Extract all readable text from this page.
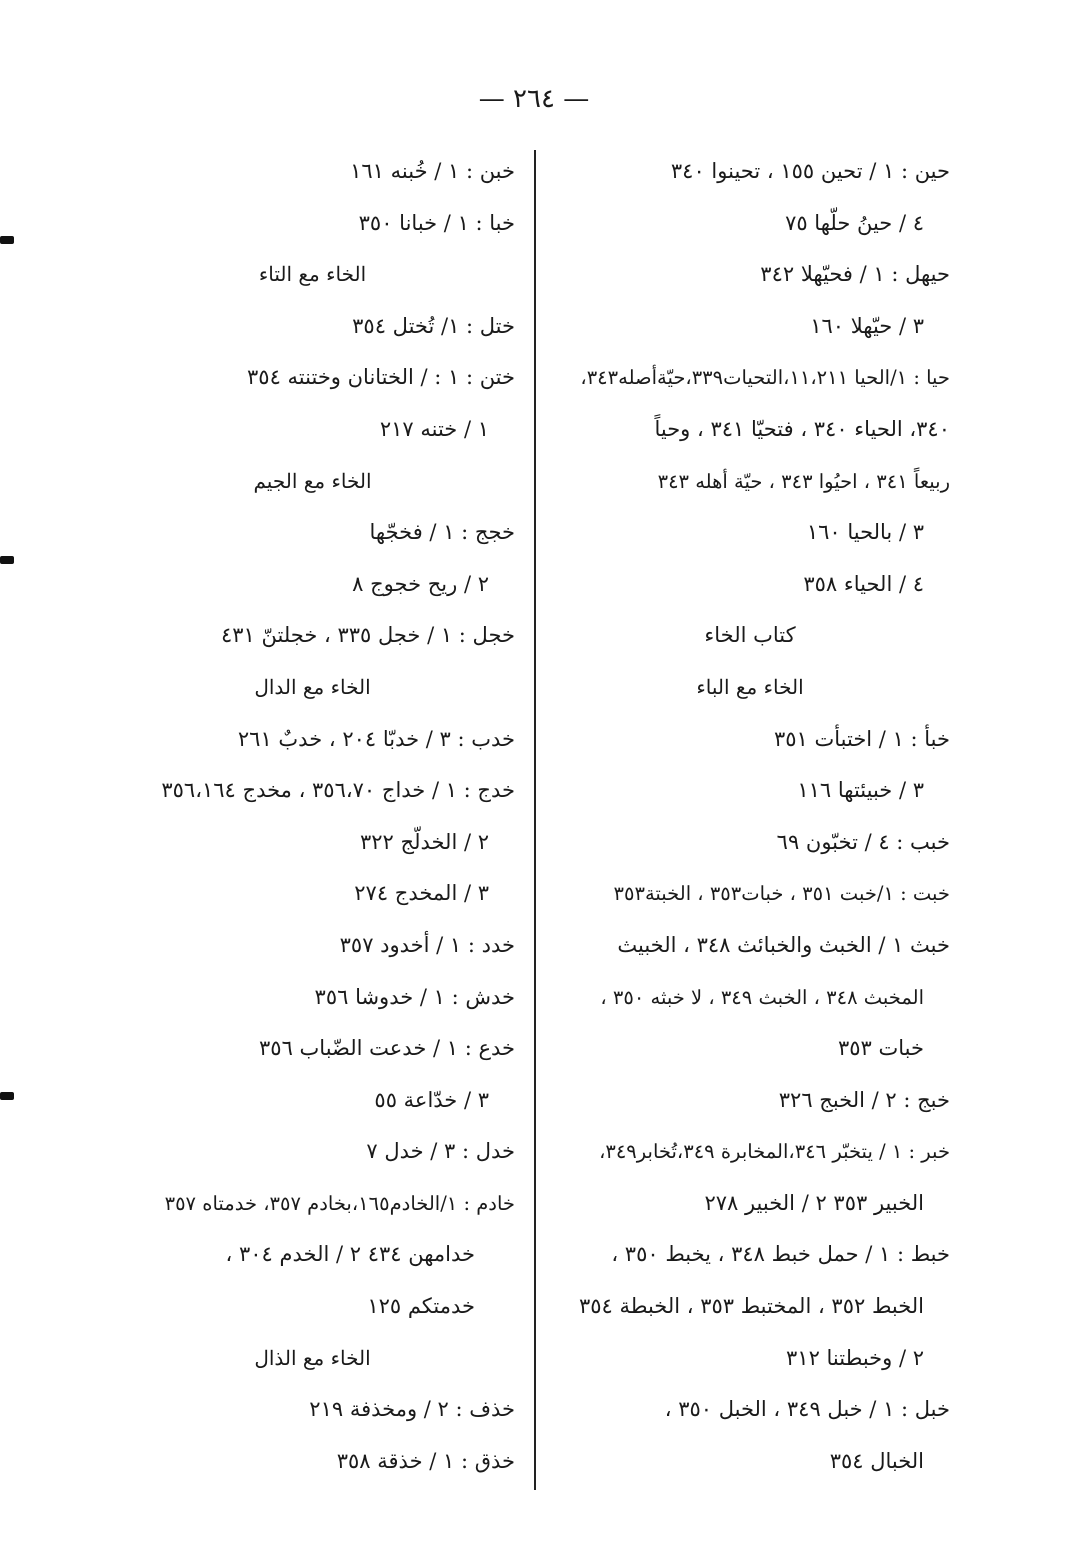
— ٢٦٤ —
حين : ١ / تحين ١٥٥ ، تحينوا ٣٤٠
٤ / حينُ حلّها ٧٥
حيهل : ١ / فحيّهلا ٣٤٢
٣ / حيّهلا ١٦٠
حيا : ١/الحيا ١١،٢١١،التحيات٣٣٩،حيّةأصله٣٤٣،
٣٤٠، الحياء ٣٤٠ ، فتحيّا ٣٤١ ، وحياً
ربيعاً ٣٤١ ، احيُوا ٣٤٣ ، حيّة أهله ٣٤٣
٣ / بالحيا ١٦٠
٤ / الحياء ٣٥٨
كتاب الخاء
الخاء مع الباء
خبأ : ١ / اختبأت ٣٥١
٣ / خبيئتها ١١٦
خبب : ٤ / تخبّون ٦٩
خبت : ١/خبت ٣٥١ ، خبات٣٥٣ ، الخبتة٣٥٣
خبث ١ / الخبث والخبائث ٣٤٨ ، الخبيث
المخبث ٣٤٨ ، الخبث ٣٤٩ ، لا خبثه ٣٥٠ ،
خبات ٣٥٣
خبج : ٢ / الخبج ٣٢٦
خبر : ١ / يتخبّر ٣٤٦،المخابرة ٣٤٩،تُخابر٣٤٩،
الخبير ٣٥٣ ٢ / الخبير ٢٧٨
خبط : ١ / حمل خبط ٣٤٨ ، يخبط ٣٥٠ ،
الخبط ٣٥٢ ، المختبط ٣٥٣ ، الخبطة ٣٥٤
٢ / وخبطتنا ٣١٢
خبل : ١ / خبل ٣٤٩ ، الخبل ٣٥٠ ،
الخبال ٣٥٤
خبن : ١ / خُبنه ١٦١
خبا : ١ / خبانا ٣٥٠
الخاء مع التاء
ختل : ١/ تُختل ٣٥٤
ختن : ١ : / الختانان وختنته ٣٥٤
١ / ختنه ٢١٧
الخاء مع الجيم
خجج : ١ / فخجّها
٢ / ريح خجوج ٨
خجل : ١ / خجل ٣٣٥ ، خجلتنّ ٤٣١
الخاء مع الدال
خدب : ٣ / خدبّا ٢٠٤ ، خدبٌ ٢٦١
خدج : ١ / خداج ٣٥٦،٧٠ ، مخدج ٣٥٦،١٦٤
٢ / الخدلّج ٣٢٢
٣ / المخدج ٢٧٤
خدد : ١ / أخدود ٣٥٧
خدش : ١ / خدوشا ٣٥٦
خدع : ١ / خدعت الضّباب ٣٥٦
٣ / خدّاعة ٥٥
خدل : ٣ / خدل ٧
خادم : ١/الخادم١٦٥،بخادم ٣٥٧، خدمتاه ٣٥٧
خدامهن ٤٣٤ ٢ / الخدم ٣٠٤ ،
خدمتكم ١٢٥
الخاء مع الذال
خذف : ٢ / ومخذفة ٢١٩
خذق : ١ / خذقة ٣٥٨
